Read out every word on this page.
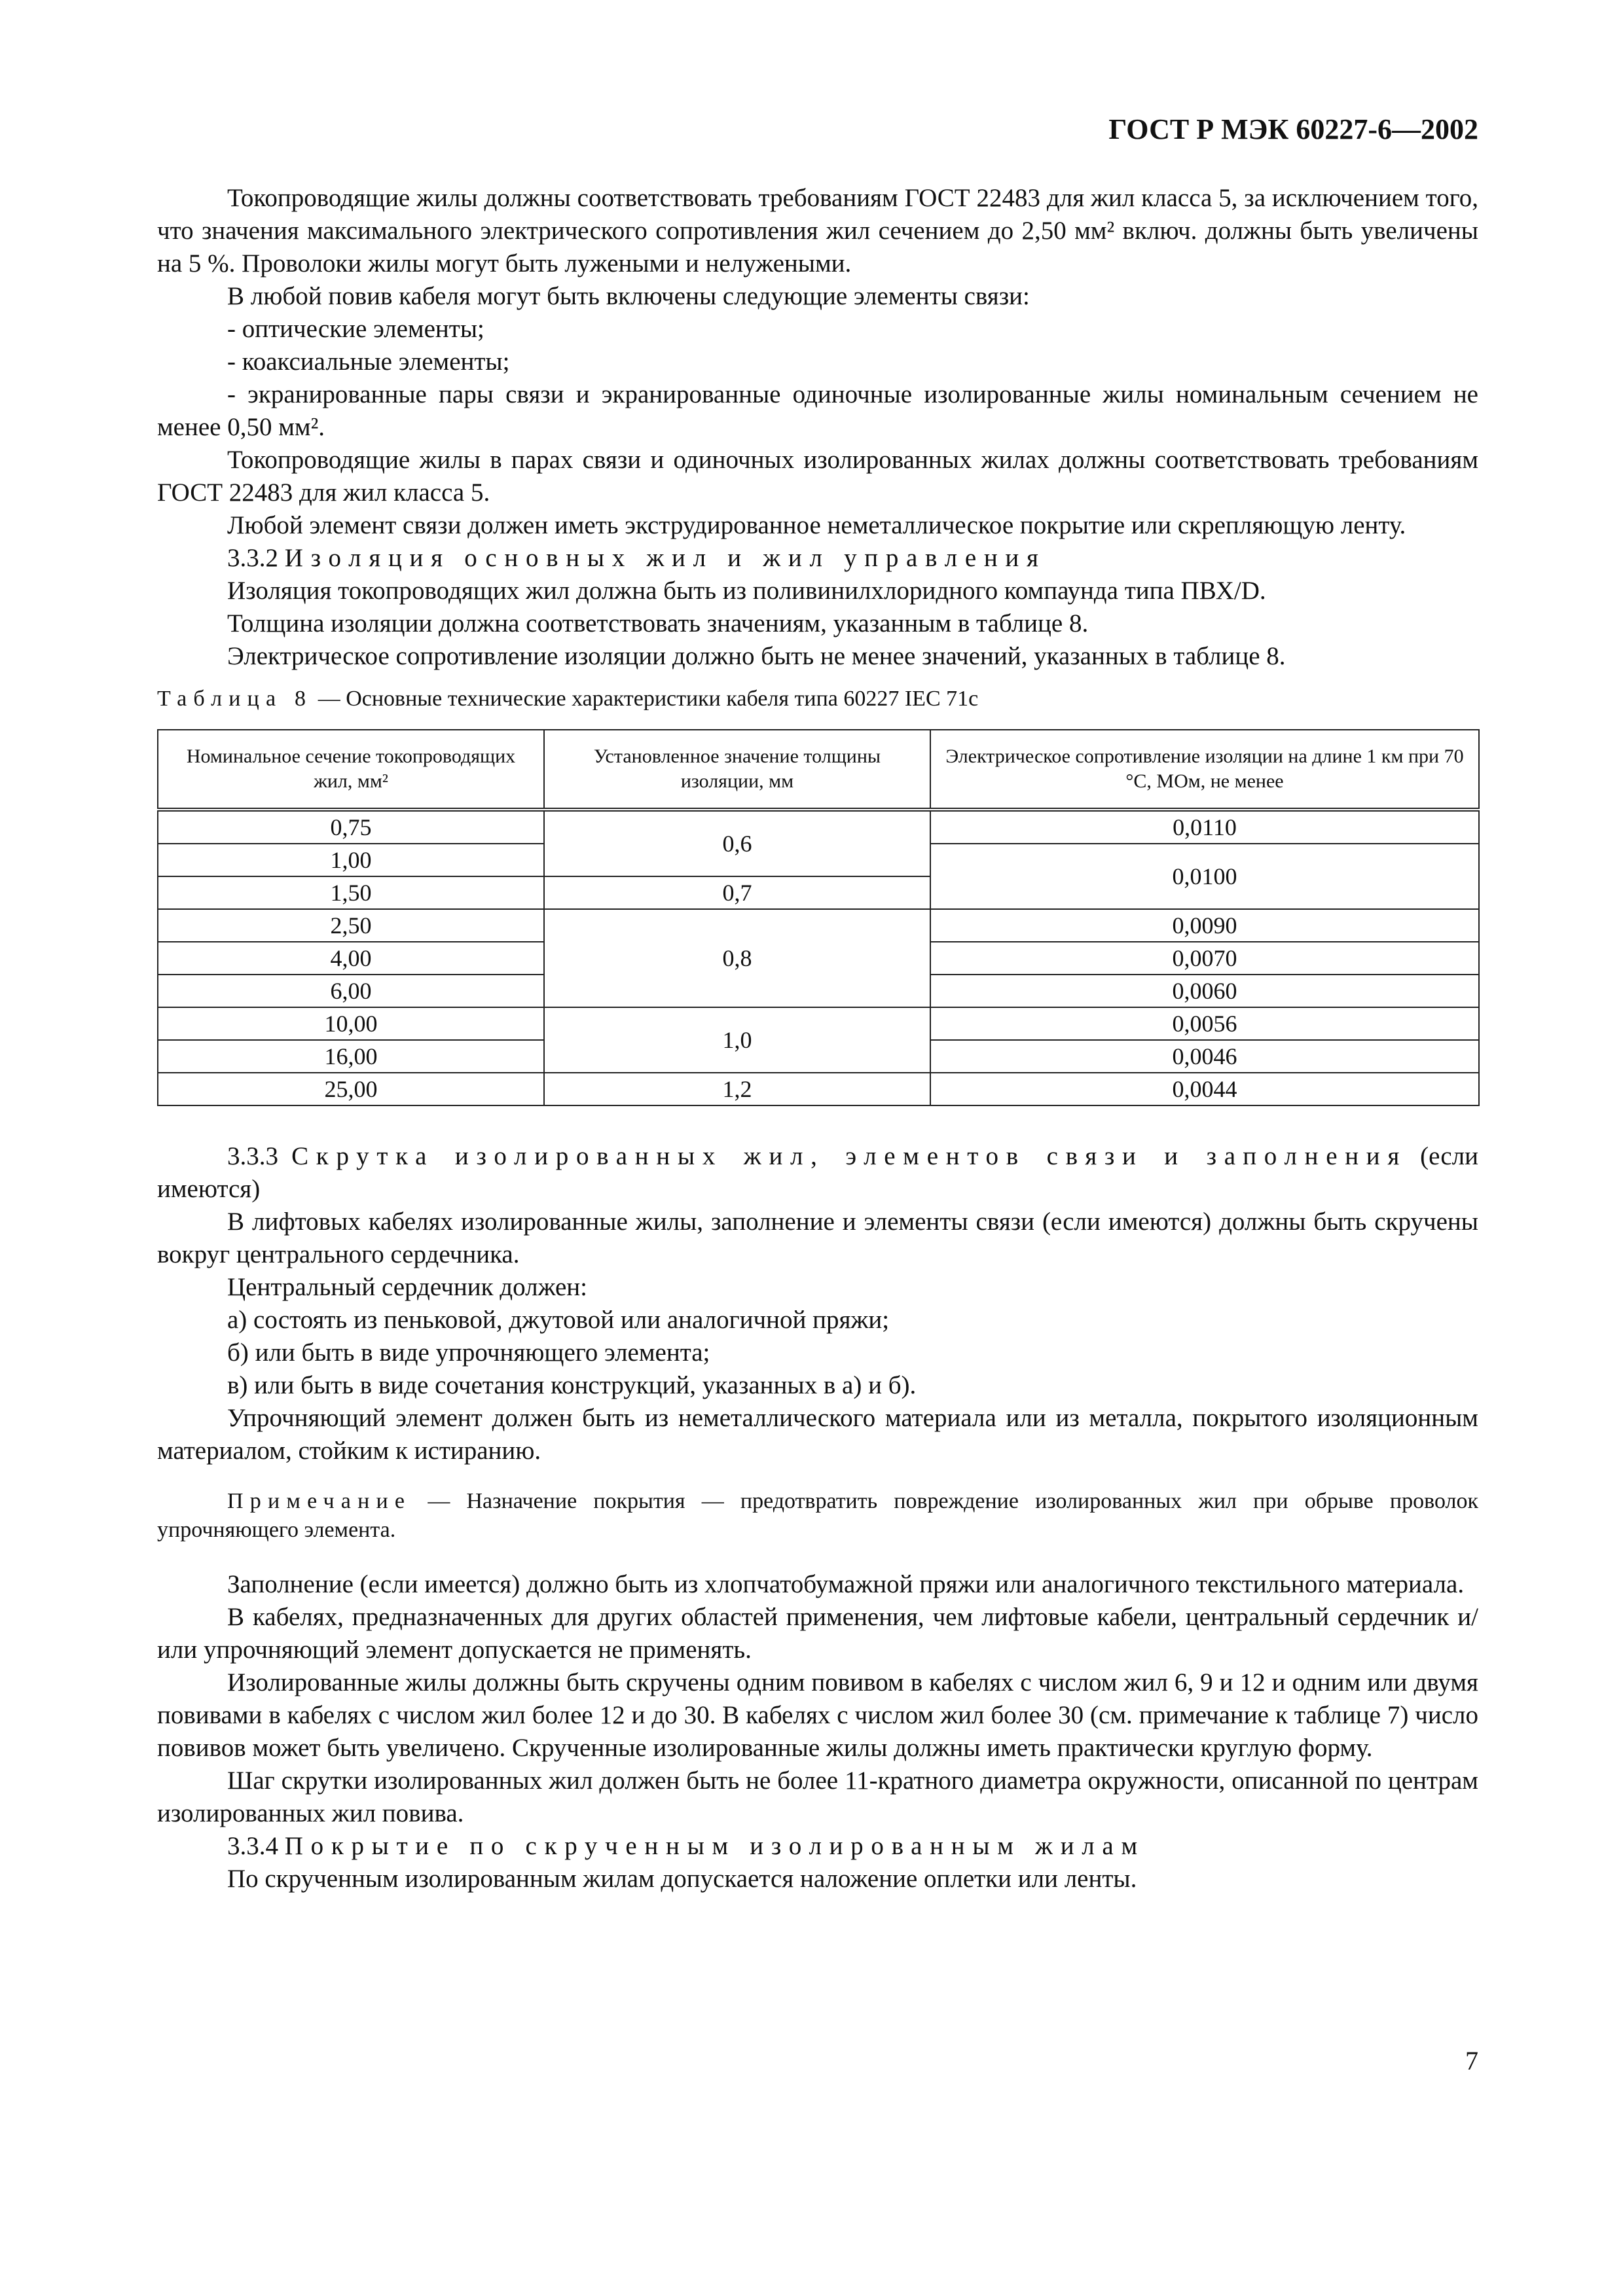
ГОСТ Р МЭК 60227-6—2002

Токопроводящие жилы должны соответствовать требованиям ГОСТ 22483 для жил класса 5, за исключением того, что значения максимального электрического сопротивления жил сечением до 2,50 мм² включ. должны быть увеличены на 5 %. Проволоки жилы могут быть лужеными и нелужеными.

В любой повив кабеля могут быть включены следующие элементы связи:

- оптические элементы;

- коаксиальные элементы;

- экранированные пары связи и экранированные одиночные изолированные жилы номинальным сечением не менее 0,50 мм².

Токопроводящие жилы в парах связи и одиночных изолированных жилах должны соответствовать требованиям ГОСТ 22483 для жил класса 5.

Любой элемент связи должен иметь экструдированное неметаллическое покрытие или скрепляющую ленту.

3.3.2 Изоляция основных жил и жил управления

Изоляция токопроводящих жил должна быть из поливинилхлоридного компаунда типа ПВХ/D.

Толщина изоляции должна соответствовать значениям, указанным в таблице 8.

Электрическое сопротивление изоляции должно быть не менее значений, указанных в таблице 8.

Таблица 8 — Основные технические характеристики кабеля типа 60227 IEC 71c
Номинальное сечение токопроводящих жил, мм²	Установленное значение толщины изоляции, мм	Электрическое сопротивление изоляции на длине 1 км при 70 °С, МОм, не менее
0,75	0,6	0,0110
1,00		0,0100
1,50	0,7	
2,50	0,8	0,0090
4,00		0,0070
6,00		0,0060
10,00	1,0	0,0056
16,00		0,0046
25,00	1,2	0,0044

3.3.3 Скрутка изолированных жил, элементов связи и заполнения (если имеются)

В лифтовых кабелях изолированные жилы, заполнение и элементы связи (если имеются) должны быть скручены вокруг центрального сердечника.

Центральный сердечник должен:

а) состоять из пеньковой, джутовой или аналогичной пряжи;

б) или быть в виде упрочняющего элемента;

в) или быть в виде сочетания конструкций, указанных в а) и б).

Упрочняющий элемент должен быть из неметаллического материала или из металла, покрытого изоляционным материалом, стойким к истиранию.

Примечание — Назначение покрытия — предотвратить повреждение изолированных жил при обрыве проволок упрочняющего элемента.

Заполнение (если имеется) должно быть из хлопчатобумажной пряжи или аналогичного текстильного материала.

В кабелях, предназначенных для других областей применения, чем лифтовые кабели, центральный сердечник и/или упрочняющий элемент допускается не применять.

Изолированные жилы должны быть скручены одним повивом в кабелях с числом жил 6, 9 и 12 и одним или двумя повивами в кабелях с числом жил более 12 и до 30. В кабелях с числом жил более 30 (см. примечание к таблице 7) число повивов может быть увеличено. Скрученные изолированные жилы должны иметь практически круглую форму.

Шаг скрутки изолированных жил должен быть не более 11-кратного диаметра окружности, описанной по центрам изолированных жил повива.

3.3.4 Покрытие по скрученным изолированным жилам

По скрученным изолированным жилам допускается наложение оплетки или ленты.

7
